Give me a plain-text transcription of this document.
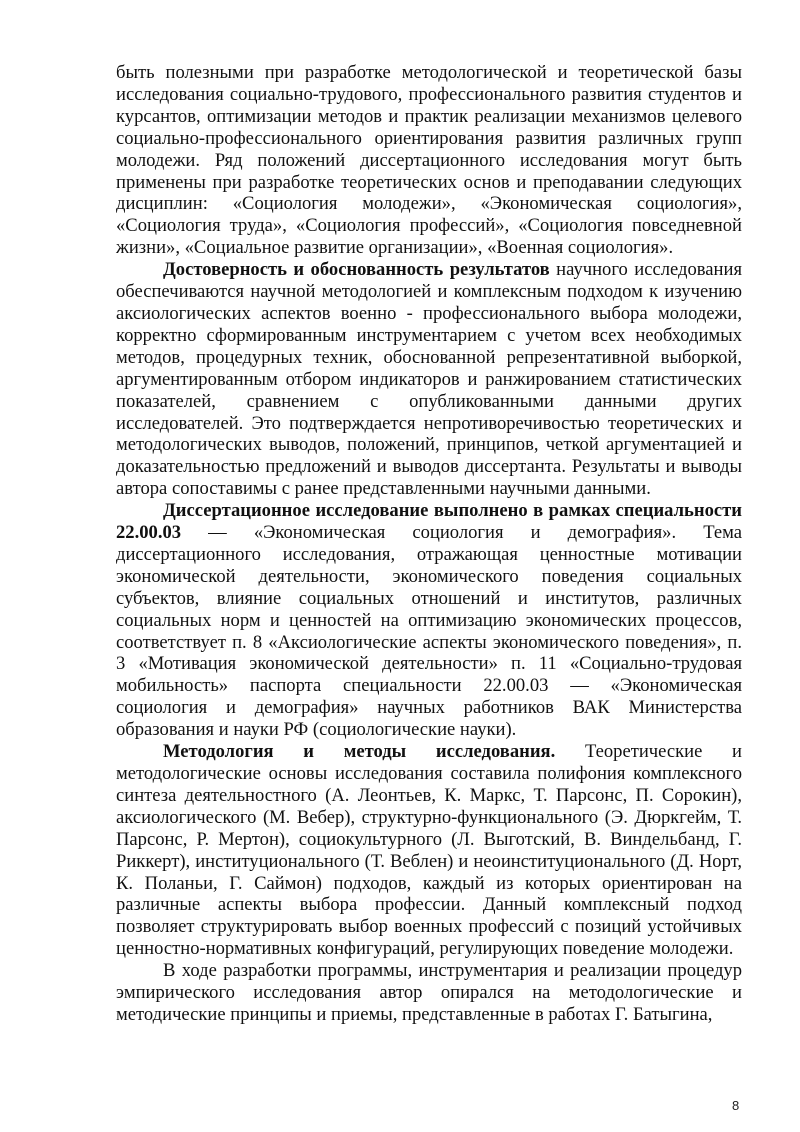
быть полезными при разработке методологической и теоретической базы исследования социально-трудового, профессионального развития студентов и курсантов, оптимизации методов и практик реализации механизмов целевого социально-профессионального ориентирования развития различных групп молодежи. Ряд положений диссертационного исследования могут быть применены при разработке теоретических основ и преподавании следующих дисциплин: «Социология молодежи», «Экономическая социология», «Социология труда», «Социология профессий», «Социология повседневной жизни», «Социальное развитие организации», «Военная социология».

Достоверность и обоснованность результатов научного исследования обеспечиваются научной методологией и комплексным подходом к изучению аксиологических аспектов военно - профессионального выбора молодежи, корректно сформированным инструментарием с учетом всех необходимых методов, процедурных техник, обоснованной репрезентативной выборкой, аргументированным отбором индикаторов и ранжированием статистических показателей, сравнением с опубликованными данными других исследователей. Это подтверждается непротиворечивостью теоретических и методологических выводов, положений, принципов, четкой аргументацией и доказательностью предложений и выводов диссертанта. Результаты и выводы автора сопоставимы с ранее представленными научными данными.

Диссертационное исследование выполнено в рамках специальности 22.00.03 — «Экономическая социология и демография». Тема диссертационного исследования, отражающая ценностные мотивации экономической деятельности, экономического поведения социальных субъектов, влияние социальных отношений и институтов, различных социальных норм и ценностей на оптимизацию экономических процессов, соответствует п. 8 «Аксиологические аспекты экономического поведения», п. 3 «Мотивация экономической деятельности» п. 11 «Социально-трудовая мобильность» паспорта специальности 22.00.03 — «Экономическая социология и демография» научных работников ВАК Министерства образования и науки РФ (социологические науки).

Методология и методы исследования. Теоретические и методологические основы исследования составила полифония комплексного синтеза деятельностного (А. Леонтьев, К. Маркс, Т. Парсонс, П. Сорокин), аксиологического (М. Вебер), структурно-функционального (Э. Дюркгейм, Т. Парсонс, Р. Мертон), социокультурного (Л. Выготский, В. Виндельбанд, Г. Риккерт), институционального (Т. Веблен) и неоинституционального (Д. Норт, К. Поланьи, Г. Саймон) подходов, каждый из которых ориентирован на различные аспекты выбора профессии. Данный комплексный подход позволяет структурировать выбор военных профессий с позиций устойчивых ценностно-нормативных конфигураций, регулирующих поведение молодежи.

В ходе разработки программы, инструментария и реализации процедур эмпирического исследования автор опирался на методологические и методические принципы и приемы, представленные в работах Г. Батыгина,

8
